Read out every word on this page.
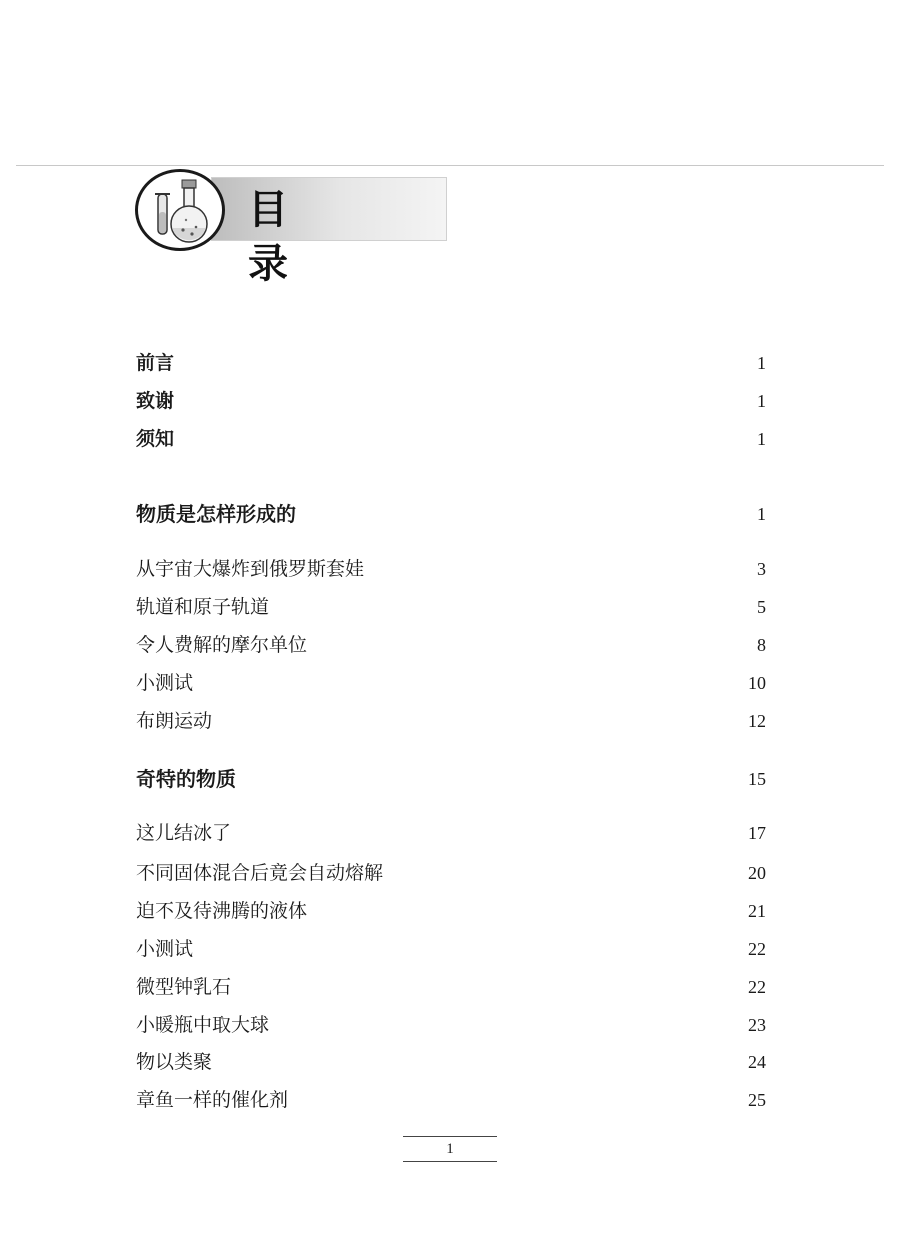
目录
前言	1
致谢	1
须知	1
物质是怎样形成的	1
从宇宙大爆炸到俄罗斯套娃	3
轨道和原子轨道	5
令人费解的摩尔单位	8
小测试	10
布朗运动	12
奇特的物质	15
这儿结冰了	17
不同固体混合后竟会自动熔解	20
迫不及待沸腾的液体	21
小测试	22
微型钟乳石	22
小暖瓶中取大球	23
物以类聚	24
章鱼一样的催化剂	25
1
